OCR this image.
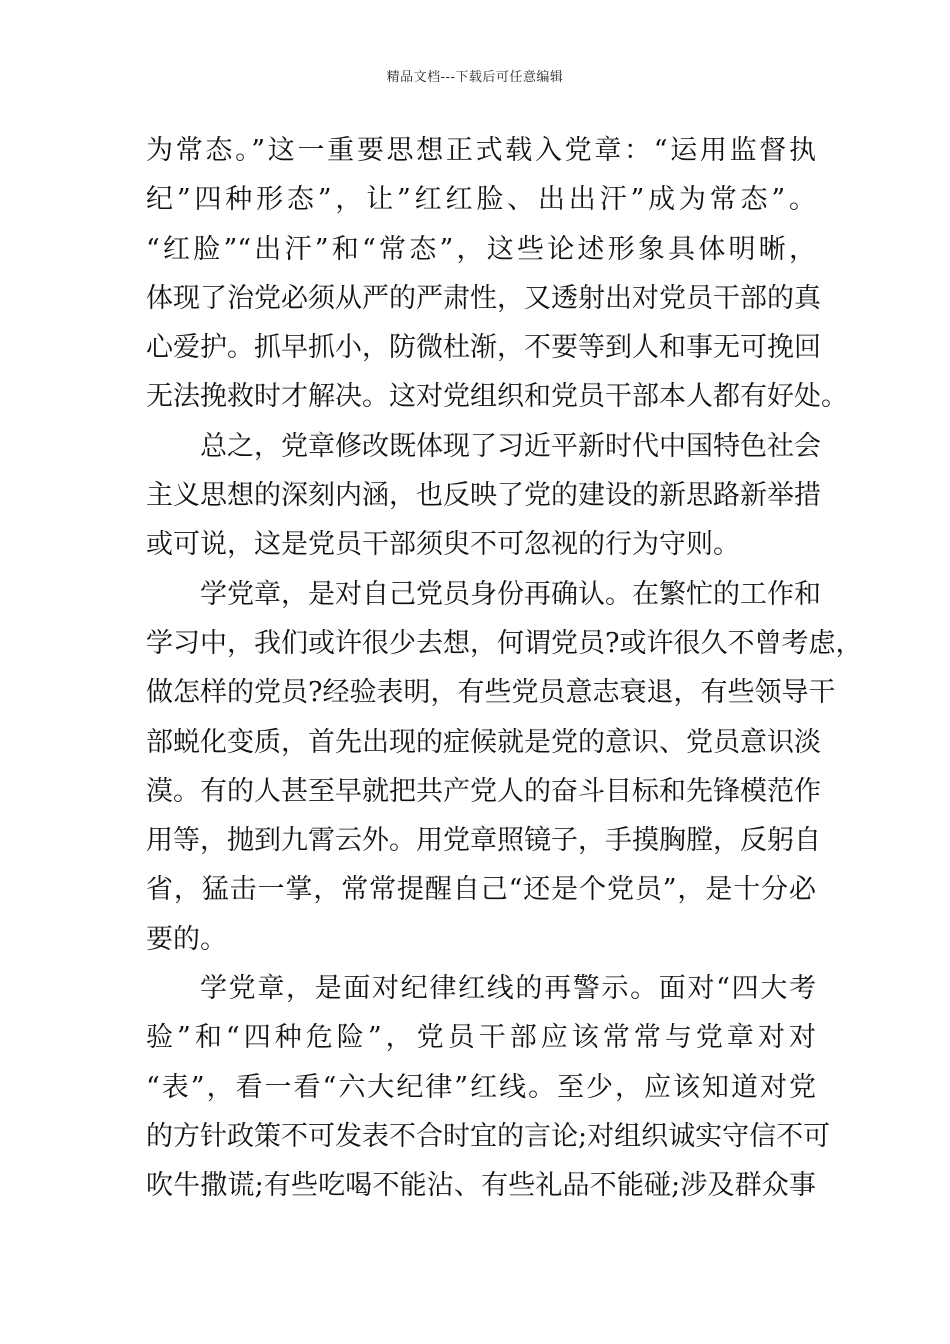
精品文档---下载后可任意编辑
为常态。”这一重要思想正式载入党章：“运用监督执
纪”四种形态”，让”红红脸、出出汗”成为常态”。
“红脸”“出汗”和“常态”，这些论述形象具体明晰，
体现了治党必须从严的严肃性，又透射出对党员干部的真
心爱护。抓早抓小，防微杜渐，不要等到人和事无可挽回
无法挽救时才解决。这对党组织和党员干部本人都有好处。
总之，党章修改既体现了习近平新时代中国特色社会
主义思想的深刻内涵，也反映了党的建设的新思路新举措
或可说，这是党员干部须臾不可忽视的行为守则。
学党章，是对自己党员身份再确认。在繁忙的工作和
学习中，我们或许很少去想，何谓党员?或许很久不曾考虑，
做怎样的党员?经验表明，有些党员意志衰退，有些领导干
部蜕化变质，首先出现的症候就是党的意识、党员意识淡
漠。有的人甚至早就把共产党人的奋斗目标和先锋模范作
用等，抛到九霄云外。用党章照镜子，手摸胸膛，反躬自
省，猛击一掌，常常提醒自己“还是个党员”，是十分必
要的。
学党章，是面对纪律红线的再警示。面对“四大考
验”和“四种危险”，党员干部应该常常与党章对对
“表”，看一看“六大纪律”红线。至少，应该知道对党
的方针政策不可发表不合时宜的言论;对组织诚实守信不可
吹牛撒谎;有些吃喝不能沾、有些礼品不能碰;涉及群众事
